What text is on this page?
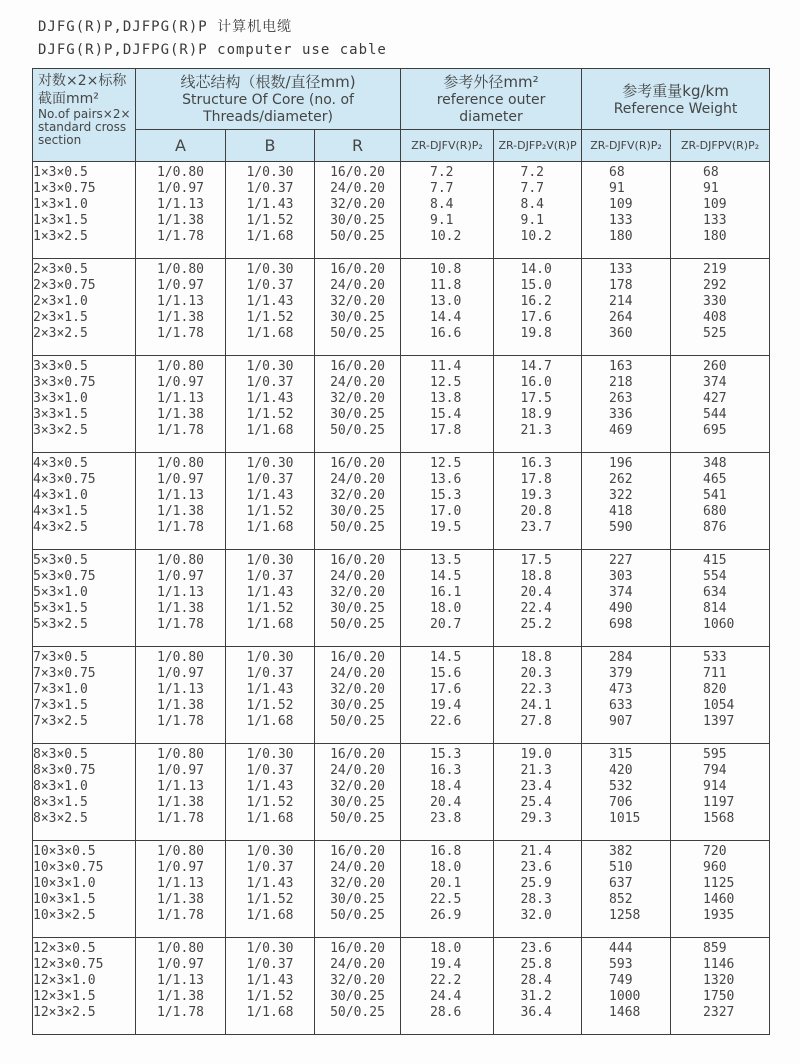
DJFG(R)P,DJFPG(R)P 计算机电缆
DJFG(R)P,DJFPG(R)P computer use cable
对数×2×标称截面mm²
No.of pairs×2× standard cross section

线芯结构（根数/直径mm)
Structure Of Core (no. of Threads/diameter)

参考外径mm²
reference outer diameter

参考重量kg/km
Reference Weight

	A	B	R	ZR-DJFV(R)P₂	ZR-DJFP₂V(R)P	ZR-DJFV(R)P₂	ZR-DJFPV(R)P₂
1×3×0.5	1/0.80	1/0.30	16/0.20	7.2	7.2	68	68
1×3×0.75	1/0.97	1/0.37	24/0.20	7.7	7.7	91	91
1×3×1.0	1/1.13	1/1.43	32/0.20	8.4	8.4	109	109
1×3×1.5	1/1.38	1/1.52	30/0.25	9.1	9.1	133	133
1×3×2.5	1/1.78	1/1.68	50/0.25	10.2	10.2	180	180
2×3×0.5	1/0.80	1/0.30	16/0.20	10.8	14.0	133	219
2×3×0.75	1/0.97	1/0.37	24/0.20	11.8	15.0	178	292
2×3×1.0	1/1.13	1/1.43	32/0.20	13.0	16.2	214	330
2×3×1.5	1/1.38	1/1.52	30/0.25	14.4	17.6	264	408
2×3×2.5	1/1.78	1/1.68	50/0.25	16.6	19.8	360	525
3×3×0.5	1/0.80	1/0.30	16/0.20	11.4	14.7	163	260
3×3×0.75	1/0.97	1/0.37	24/0.20	12.5	16.0	218	374
3×3×1.0	1/1.13	1/1.43	32/0.20	13.8	17.5	263	427
3×3×1.5	1/1.38	1/1.52	30/0.25	15.4	18.9	336	544
3×3×2.5	1/1.78	1/1.68	50/0.25	17.8	21.3	469	695
4×3×0.5	1/0.80	1/0.30	16/0.20	12.5	16.3	196	348
4×3×0.75	1/0.97	1/0.37	24/0.20	13.6	17.8	262	465
4×3×1.0	1/1.13	1/1.43	32/0.20	15.3	19.3	322	541
4×3×1.5	1/1.38	1/1.52	30/0.25	17.0	20.8	418	680
4×3×2.5	1/1.78	1/1.68	50/0.25	19.5	23.7	590	876
5×3×0.5	1/0.80	1/0.30	16/0.20	13.5	17.5	227	415
5×3×0.75	1/0.97	1/0.37	24/0.20	14.5	18.8	303	554
5×3×1.0	1/1.13	1/1.43	32/0.20	16.1	20.4	374	634
5×3×1.5	1/1.38	1/1.52	30/0.25	18.0	22.4	490	814
5×3×2.5	1/1.78	1/1.68	50/0.25	20.7	25.2	698	1060
7×3×0.5	1/0.80	1/0.30	16/0.20	14.5	18.8	284	533
7×3×0.75	1/0.97	1/0.37	24/0.20	15.6	20.3	379	711
7×3×1.0	1/1.13	1/1.43	32/0.20	17.6	22.3	473	820
7×3×1.5	1/1.38	1/1.52	30/0.25	19.4	24.1	633	1054
7×3×2.5	1/1.78	1/1.68	50/0.25	22.6	27.8	907	1397
8×3×0.5	1/0.80	1/0.30	16/0.20	15.3	19.0	315	595
8×3×0.75	1/0.97	1/0.37	24/0.20	16.3	21.3	420	794
8×3×1.0	1/1.13	1/1.43	32/0.20	18.4	23.4	532	914
8×3×1.5	1/1.38	1/1.52	30/0.25	20.4	25.4	706	1197
8×3×2.5	1/1.78	1/1.68	50/0.25	23.8	29.3	1015	1568
10×3×0.5	1/0.80	1/0.30	16/0.20	16.8	21.4	382	720
10×3×0.75	1/0.97	1/0.37	24/0.20	18.0	23.6	510	960
10×3×1.0	1/1.13	1/1.43	32/0.20	20.1	25.9	637	1125
10×3×1.5	1/1.38	1/1.52	30/0.25	22.5	28.3	852	1460
10×3×2.5	1/1.78	1/1.68	50/0.25	26.9	32.0	1258	1935
12×3×0.5	1/0.80	1/0.30	16/0.20	18.0	23.6	444	859
12×3×0.75	1/0.97	1/0.37	24/0.20	19.4	25.8	593	1146
12×3×1.0	1/1.13	1/1.43	32/0.20	22.2	28.4	749	1320
12×3×1.5	1/1.38	1/1.52	30/0.25	24.4	31.2	1000	1750
12×3×2.5	1/1.78	1/1.68	50/0.25	28.6	36.4	1468	2327
